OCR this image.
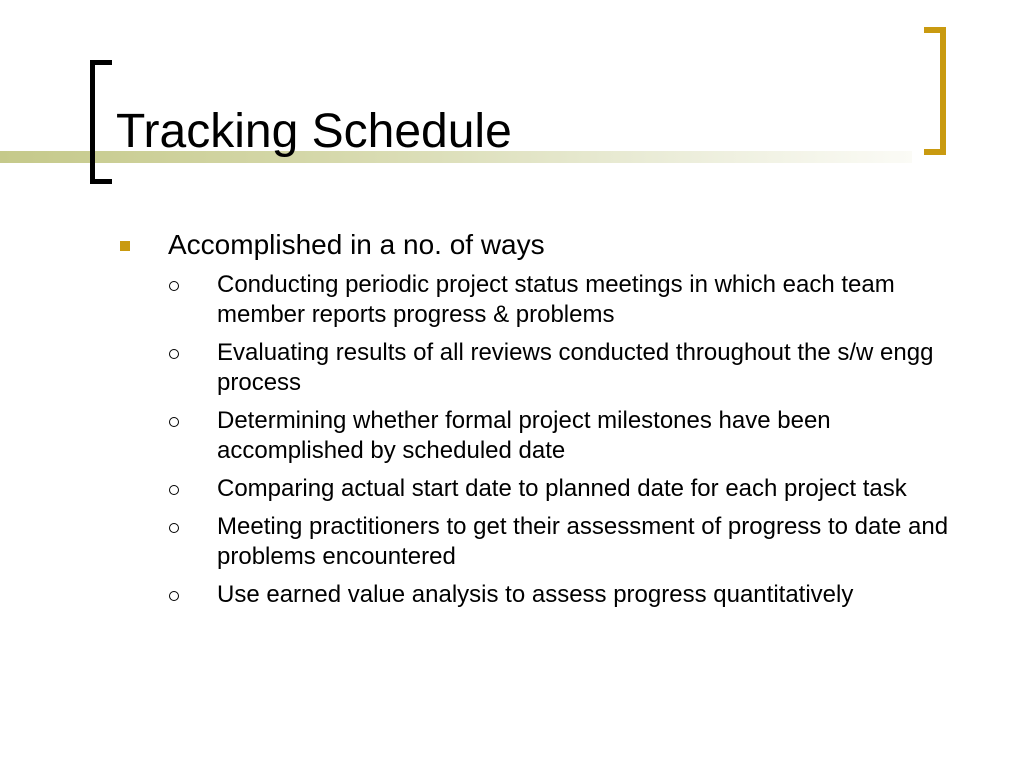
Tracking Schedule
Accomplished in a no. of ways
Conducting periodic project status meetings in which each team member reports progress & problems
Evaluating results of all reviews conducted throughout the s/w engg process
Determining whether formal project milestones have been accomplished by scheduled date
Comparing actual start date to planned date for each project task
Meeting practitioners to get their assessment of progress to date and problems encountered
Use earned value analysis to assess progress quantitatively
